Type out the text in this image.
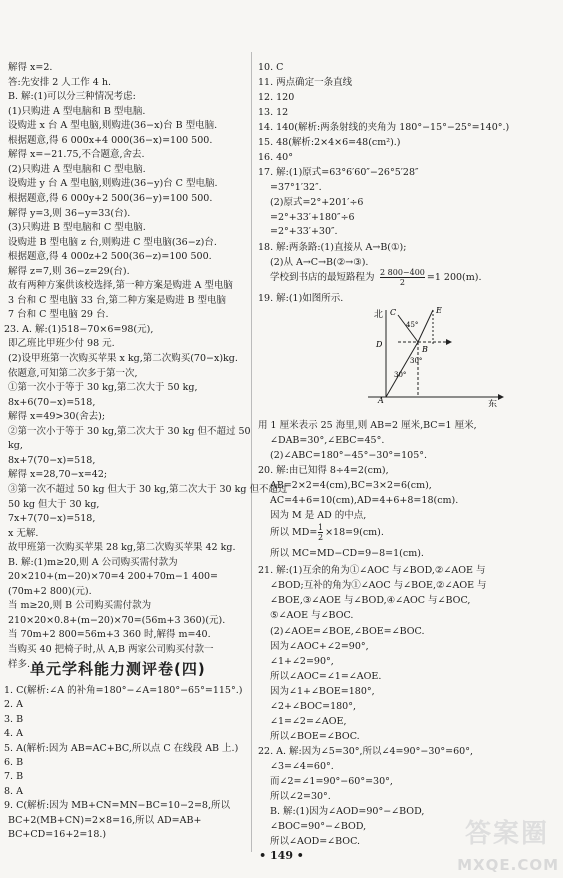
解得 x=2.
答:先安排 2 人工作 4 h.
B. 解:(1)可以分三种情况考虑:
(1)只购进 A 型电脑和 B 型电脑.
设购进 x 台 A 型电脑,则购进(36−x)台 B 型电脑.
根据题意,得 6 000x+4 000(36−x)=100 500.
解得 x=−21.75,不合题意,舍去.
(2)只购进 A 型电脑和 C 型电脑.
设购进 y 台 A 型电脑,则购进(36−y)台 C 型电脑.
根据题意,得 6 000y+2 500(36−y)=100 500.
解得 y=3,则 36−y=33(台).
(3)只购进 B 型电脑和 C 型电脑.
设购进 B 型电脑 z 台,则购进 C 型电脑(36−z)台.
根据题意,得 4 000z+2 500(36−z)=100 500.
解得 z=7,则 36−z=29(台).
故有两种方案供该校选择,第一种方案是购进 A 型电脑
3 台和 C 型电脑 33 台,第二种方案是购进 B 型电脑
7 台和 C 型电脑 29 台.
23. A. 解:(1)518−70×6=98(元),
即乙班比甲班少付 98 元.
(2)设甲班第一次购买苹果 x kg,第二次购买(70−x)kg.
依题意,可知第二次多于第一次,
①第一次小于等于 30 kg,第二次大于 50 kg,
8x+6(70−x)=518,
解得 x=49>30(舍去);
②第一次小于等于 30 kg,第二次大于 30 kg 但不超过 50
kg,
8x+7(70−x)=518,
解得 x=28,70−x=42;
③第一次不超过 50 kg 但大于 30 kg,第二次大于 30 kg 但不超过
50 kg 但大于 30 kg,
7x+7(70−x)=518,
x 无解.
故甲班第一次购买苹果 28 kg,第二次购买苹果 42 kg.
B. 解:(1)m≥20,则 A 公司购买需付款为
20×210+(m−20)×70=4 200+70m−1 400=
(70m+2 800)(元).
当 m≥20,则 B 公司购买需付款为
210×20×0.8+(m−20)×70=(56m+3 360)(元).
当 70m+2 800=56m+3 360 时,解得 m=40.
当购买 40 把椅子时,从 A,B 两家公司购买付款一
样多.
1. C(解析:∠A 的补角=180°−∠A=180°−65°=115°.)
2. A
3. B
4. A
5. A(解析:因为 AB=AC+BC,所以点 C 在线段 AB 上.)
6. B
7. B
8. A
9. C(解析:因为 MB+CN=MN−BC=10−2=8,所以
BC+2(MB+CN)=2×8=16,所以 AD=AB+
BC+CD=16+2=18.)
单元学科能力测评卷(四)
北
东
C	E
B
D
A
45°
30°
30°
10. C
11. 两点确定一条直线
12. 120
13. 12
14. 140(解析:两条射线的夹角为 180°−15°−25°=140°.)
15. 48(解析:2×4×6=48(cm²).)
16. 40°
17. 解:(1)原式=63°6′60″−26°5′28″
=37°1′32″.
(2)原式=2°+201′÷6
=2°+33′+180″÷6
=2°+33′+30″.
18. 解:两条路:(1)直接从 A→B(①);
(2)从 A→C→B(②→③).
学校到书店的最短路程为
19. 解:(1)如图所示.
$\frac{2 800-400}{2} =1$ 200(m).
用 1 厘米表示 25 海里,则 AB=2 厘米,BC=1 厘米,
∠DAB=30°,∠EBC=45°.
(2)∠ABC=180°−45°−30°=105°.
20. 解:由已知得 8÷4=2(cm),
AB=2×2=4(cm),BC=3×2=6(cm),
AC=4+6=10(cm),AD=4+6+8=18(cm).
因为 M 是 AD 的中点,
所以 MD=
所以 MC=MD−CD=9−8=1(cm).
21. 解:(1)互余的角为①∠AOC 与∠BOD,②∠AOE 与
∠BOD;互补的角为①∠AOC 与∠BOE,②∠AOE 与
∠BOE,③∠AOE 与∠BOD,④∠AOC 与∠BOC,
⑤∠AOE 与∠BOC.
(2)∠AOE=∠BOE,∠BOE=∠BOC.
因为∠AOC+∠2=90°,
∠1+∠2=90°,
所以∠AOC=∠1=∠AOE.
因为∠1+∠BOE=180°,
∠2+∠BOC=180°,
∠1=∠2=∠AOE,
所以∠BOE=∠BOC.
22. A. 解:因为∠5=30°,所以∠4=90°−30°=60°,
∠3=∠4=60°.
而∠2=∠1=90°−60°=30°,
所以∠2=30°.
B. 解:(1)因为∠AOD=90°−∠BOD,
∠BOC=90°−∠BOD,
所以∠AOD=∠BOC.
$\frac{1}{2} \times 18=9(cm)$.
• 149 •
答案圈
MXQE.COM
